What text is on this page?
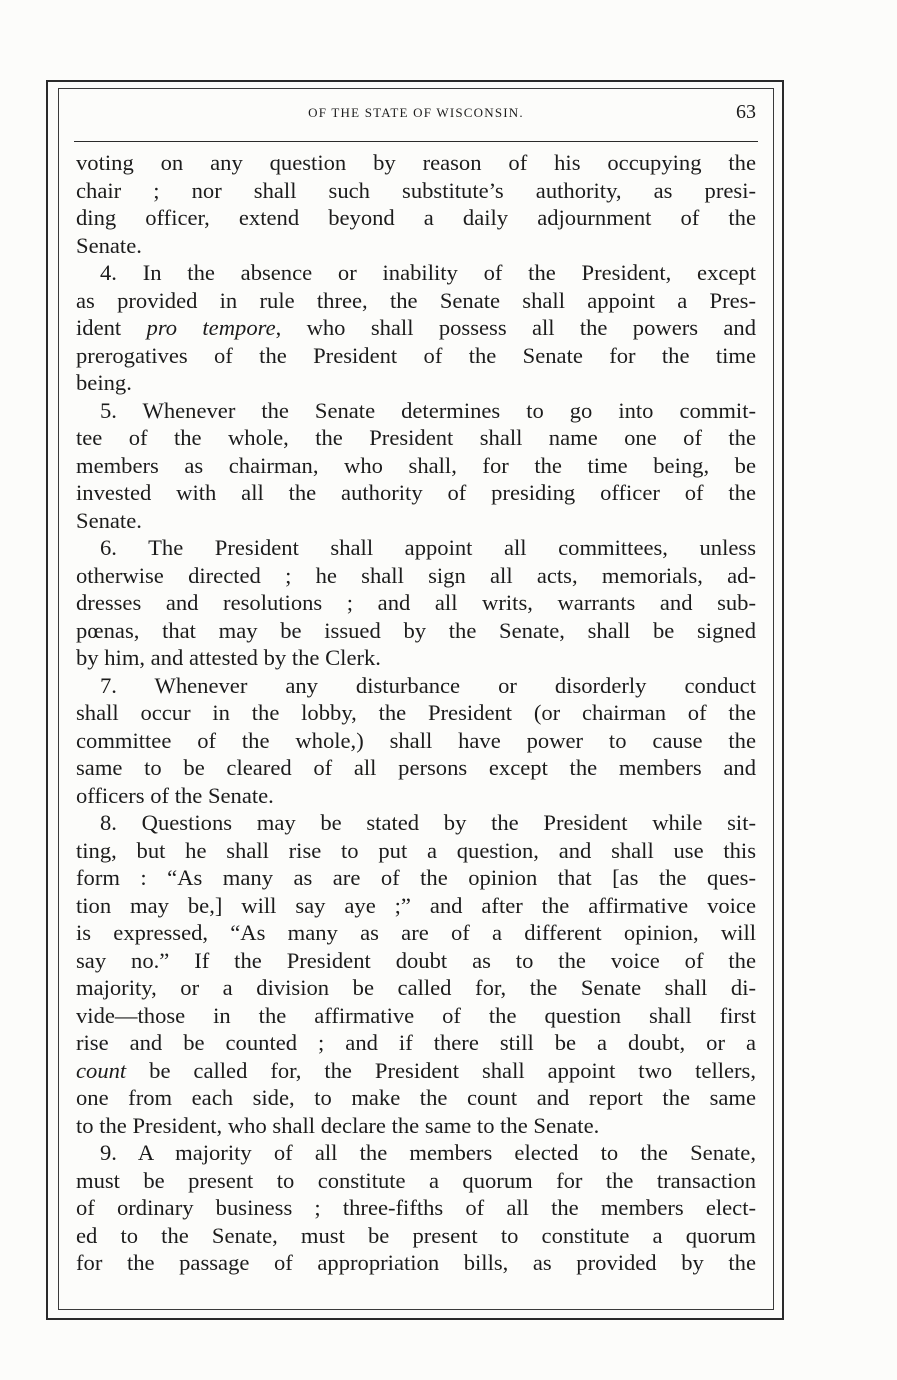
OF THE STATE OF WISCONSIN.	63
voting on any question by reason of his occupying the
chair ; nor shall such substitute’s authority, as presi-
ding officer, extend beyond a daily adjournment of the
Senate.
4. In the absence or inability of the President, except
as provided in rule three, the Senate shall appoint a Pres-
ident pro tempore, who shall possess all the powers and
prerogatives of the President of the Senate for the time
being.
5. Whenever the Senate determines to go into commit-
tee of the whole, the President shall name one of the
members as chairman, who shall, for the time being, be
invested with all the authority of presiding officer of the
Senate.
6. The President shall appoint all committees, unless
otherwise directed ; he shall sign all acts, memorials, ad-
dresses and resolutions ; and all writs, warrants and sub-
pœnas, that may be issued by the Senate, shall be signed
by him, and attested by the Clerk.
7. Whenever any disturbance or disorderly conduct
shall occur in the lobby, the President (or chairman of the
committee of the whole,) shall have power to cause the
same to be cleared of all persons except the members and
officers of the Senate.
8. Questions may be stated by the President while sit-
ting, but he shall rise to put a question, and shall use this
form : “As many as are of the opinion that [as the ques-
tion may be,] will say aye ;” and after the affirmative voice
is expressed, “As many as are of a different opinion, will
say no.” If the President doubt as to the voice of the
majority, or a division be called for, the Senate shall di-
vide—those in the affirmative of the question shall first
rise and be counted ; and if there still be a doubt, or a
count be called for, the President shall appoint two tellers,
one from each side, to make the count and report the same
to the President, who shall declare the same to the Senate.
9. A majority of all the members elected to the Senate,
must be present to constitute a quorum for the transaction
of ordinary business ; three-fifths of all the members elect-
ed to the Senate, must be present to constitute a quorum
for the passage of appropriation bills, as provided by the
